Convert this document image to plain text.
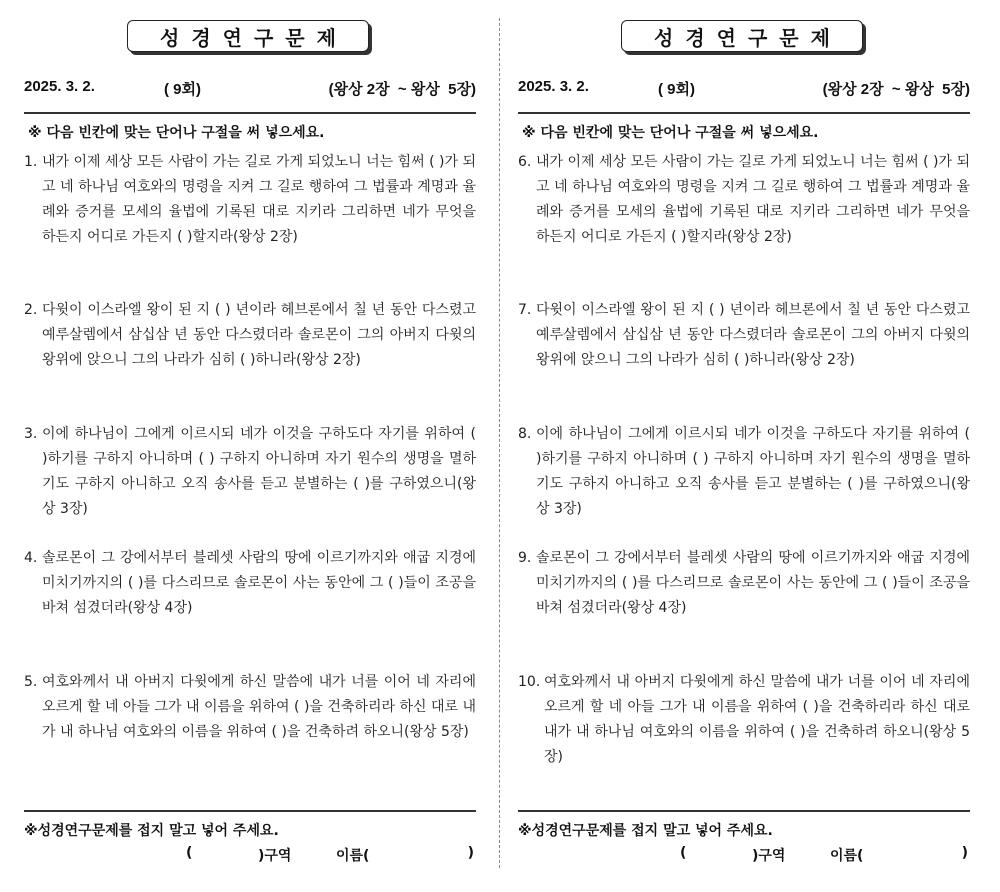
성경연구문제
2025. 3. 2.	( 9회)	(왕상 2장  ~ 왕상  5장)
※ 다음 빈칸에 맞는 단어나 구절을 써 넣으세요.
1. 내가 이제 세상 모든 사람이 가는 길로 가게 되었노니 너는 힘써 ( )가 되고 네 하나님 여호와의 명령을 지켜 그 길로 행하여 그 법률과 계명과 율례와 증거를 모세의 율법에 기록된 대로 지키라 그리하면 네가 무엇을 하든지 어디로 가든지 ( )할지라(왕상 2장)
2. 다윗이 이스라엘 왕이 된 지 ( ) 년이라 헤브론에서 칠 년 동안 다스렸고 예루살렘에서 삼십삼 년 동안 다스렸더라 솔로몬이 그의 아버지 다윗의 왕위에 앉으니 그의 나라가 심히 ( )하니라(왕상 2장)
3. 이에 하나님이 그에게 이르시되 네가 이것을 구하도다 자기를 위하여 ( )하기를 구하지 아니하며 ( ) 구하지 아니하며 자기 원수의 생명을 멸하기도 구하지 아니하고 오직 송사를 듣고 분별하는 ( )를 구하였으니(왕상 3장)
4. 솔로몬이 그 강에서부터 블레셋 사람의 땅에 이르기까지와 애굽 지경에 미치기까지의 ( )를 다스리므로 솔로몬이 사는 동안에 그 ( )들이 조공을 바쳐 섬겼더라(왕상 4장)
5. 여호와께서 내 아버지 다윗에게 하신 말씀에 내가 너를 이어 네 자리에 오르게 할 네 아들 그가 내 이름을 위하여 ( )을 건축하리라 하신 대로 내가 내 하나님 여호와의 이름을 위하여 ( )을 건축하려 하오니(왕상 5장)
※성경연구문제를 접지 말고 넣어 주세요.
(	)구역	이름(	)
성경연구문제
2025. 3. 2.	( 9회)	(왕상 2장  ~ 왕상  5장)
※ 다음 빈칸에 맞는 단어나 구절을 써 넣으세요.
6. 내가 이제 세상 모든 사람이 가는 길로 가게 되었노니 너는 힘써 ( )가 되고 네 하나님 여호와의 명령을 지켜 그 길로 행하여 그 법률과 계명과 율례와 증거를 모세의 율법에 기록된 대로 지키라 그리하면 네가 무엇을 하든지 어디로 가든지 ( )할지라(왕상 2장)
7. 다윗이 이스라엘 왕이 된 지 ( ) 년이라 헤브론에서 칠 년 동안 다스렸고 예루살렘에서 삼십삼 년 동안 다스렸더라 솔로몬이 그의 아버지 다윗의 왕위에 앉으니 그의 나라가 심히 ( )하니라(왕상 2장)
8. 이에 하나님이 그에게 이르시되 네가 이것을 구하도다 자기를 위하여 ( )하기를 구하지 아니하며 ( ) 구하지 아니하며 자기 원수의 생명을 멸하기도 구하지 아니하고 오직 송사를 듣고 분별하는 ( )를 구하였으니(왕상 3장)
9. 솔로몬이 그 강에서부터 블레셋 사람의 땅에 이르기까지와 애굽 지경에 미치기까지의 ( )를 다스리므로 솔로몬이 사는 동안에 그 ( )들이 조공을 바쳐 섬겼더라(왕상 4장)
10. 여호와께서 내 아버지 다윗에게 하신 말씀에 내가 너를 이어 네 자리에 오르게 할 네 아들 그가 내 이름을 위하여 ( )을 건축하리라 하신 대로 내가 내 하나님 여호와의 이름을 위하여 ( )을 건축하려 하오니(왕상 5장)
※성경연구문제를 접지 말고 넣어 주세요.
(	)구역	이름(	)
